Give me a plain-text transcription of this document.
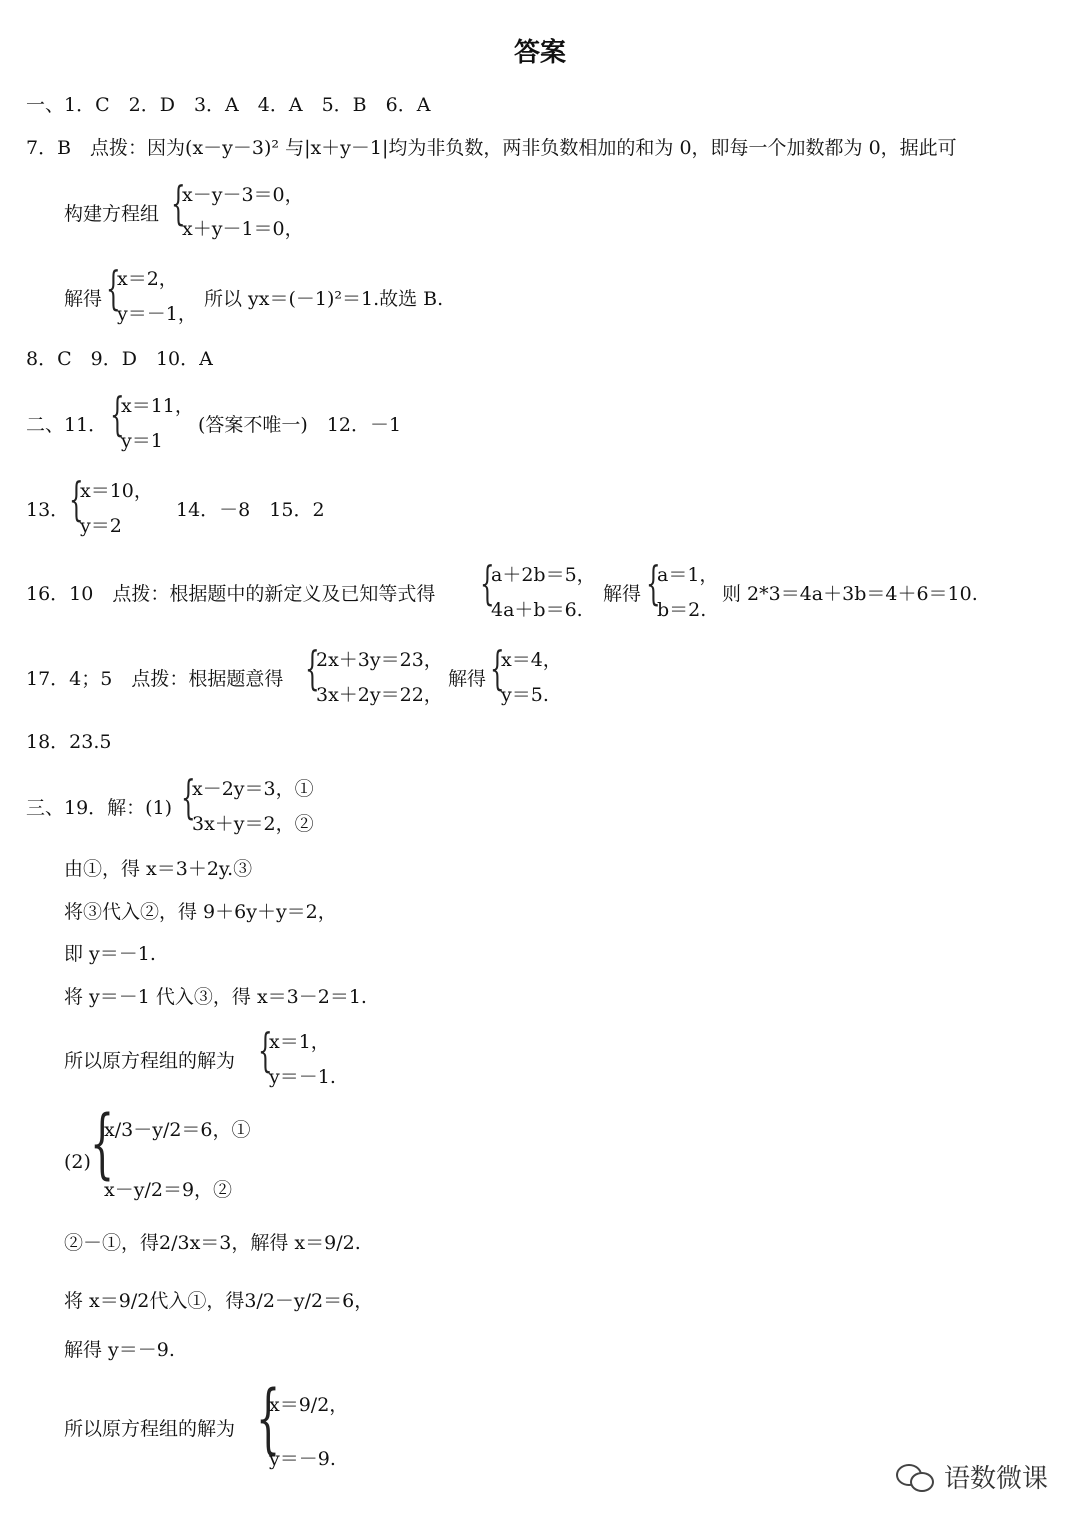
答案
一、1．C　2．D　3．A　4．A　5．B　6．A
7．B　点拨：因为(x－y－3)² 与|x＋y－1|均为非负数，两非负数相加的和为 0，即每一个加数都为 0，据此可
构建方程组 {
x－y－3＝0，
x＋y－1＝0，
解得 {
x＝2，
y＝－1，
所以 yx＝(－1)²＝1.故选 B.
8．C　9．D　10．A
二、11． {
x＝11，
y＝1
(答案不唯一)　12．－1
13． {
x＝10，
y＝2
14．－8　15．2
16．10　点拨：根据题中的新定义及已知等式得 {
a＋2b＝5，
4a＋b＝6.
解得 {
a＝1，
b＝2.
则 2*3＝4a＋3b＝4＋6＝10.
17．4；5　点拨：根据题意得 {
2x＋3y＝23，
3x＋2y＝22，
解得 {
x＝4，
y＝5.
18．23.5
三、19．解：(1) {
x－2y＝3，①
3x＋y＝2，②
由①，得 x＝3＋2y.③
将③代入②，得 9＋6y＋y＝2，
即 y＝－1.
将 y＝－1 代入③，得 x＝3－2＝1.
所以原方程组的解为 {
x＝1，
y＝－1.
(2) {
x/3－y/2＝6，①
x－y/2＝9，②
②－①，得2/3x＝3，解得 x＝9/2.
将 x＝9/2代入①，得3/2－y/2＝6，
解得 y＝－9.
所以原方程组的解为 {
x＝9/2，
y＝－9.
语数微课
